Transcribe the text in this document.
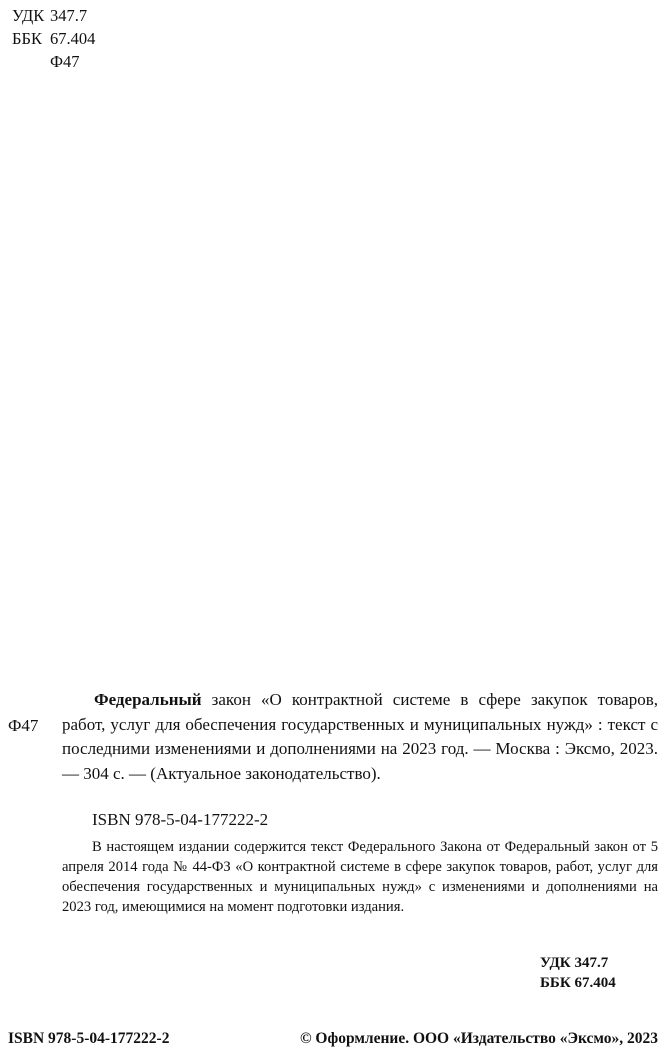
УДК 347.7
ББК 67.404
Ф47
Ф47
Федеральный закон «О контрактной системе в сфере закупок товаров, работ, услуг для обеспечения государственных и муниципальных нужд» : текст с последними изменениями и дополнениями на 2023 год. — Москва : Эксмо, 2023. — 304 с. — (Актуальное законодательство).
ISBN 978-5-04-177222-2
В настоящем издании содержится текст Федерального Закона от Федеральный закон от 5 апреля 2014 года № 44-ФЗ «О контрактной системе в сфере закупок товаров, работ, услуг для обеспечения государственных и муниципальных нужд» с изменениями и дополнениями на 2023 год, имеющимися на момент подготовки издания.
УДК 347.7
ББК 67.404
ISBN 978-5-04-177222-2	© Оформление. ООО «Издательство «Эксмо», 2023
